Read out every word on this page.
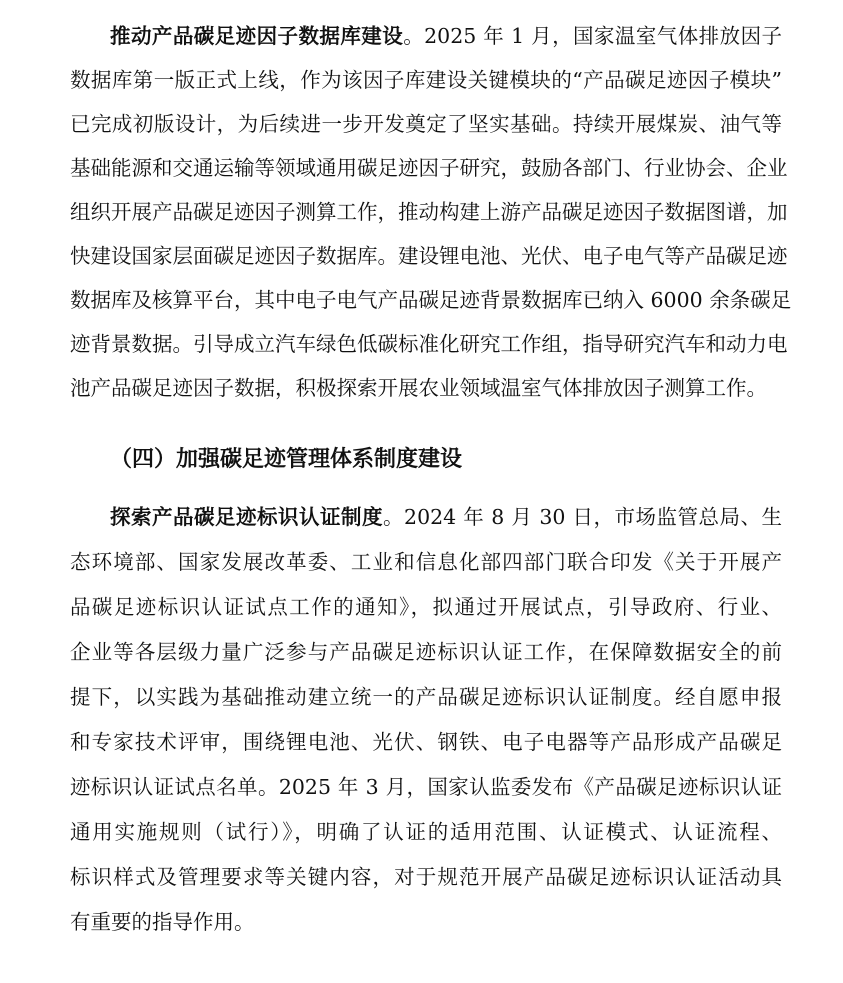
推动产品碳足迹因子数据库建设。2025 年 1 月，国家温室气体排放因子
数据库第一版正式上线，作为该因子库建设关键模块的“产品碳足迹因子模块”
已完成初版设计，为后续进一步开发奠定了坚实基础。持续开展煤炭、油气等
基础能源和交通运输等领域通用碳足迹因子研究，鼓励各部门、行业协会、企业
组织开展产品碳足迹因子测算工作，推动构建上游产品碳足迹因子数据图谱，加
快建设国家层面碳足迹因子数据库。建设锂电池、光伏、电子电气等产品碳足迹
数据库及核算平台，其中电子电气产品碳足迹背景数据库已纳入 6000 余条碳足
迹背景数据。引导成立汽车绿色低碳标准化研究工作组，指导研究汽车和动力电
池产品碳足迹因子数据，积极探索开展农业领域温室气体排放因子测算工作。
（四）加强碳足迹管理体系制度建设
探索产品碳足迹标识认证制度。2024 年 8 月 30 日，市场监管总局、生
态环境部、国家发展改革委、工业和信息化部四部门联合印发《关于开展产
品碳足迹标识认证试点工作的通知》，拟通过开展试点，引导政府、行业、
企业等各层级力量广泛参与产品碳足迹标识认证工作，在保障数据安全的前
提下，以实践为基础推动建立统一的产品碳足迹标识认证制度。经自愿申报
和专家技术评审，围绕锂电池、光伏、钢铁、电子电器等产品形成产品碳足
迹标识认证试点名单。2025 年 3 月，国家认监委发布《产品碳足迹标识认证
通用实施规则（试行）》，明确了认证的适用范围、认证模式、认证流程、
标识样式及管理要求等关键内容，对于规范开展产品碳足迹标识认证活动具
有重要的指导作用。
